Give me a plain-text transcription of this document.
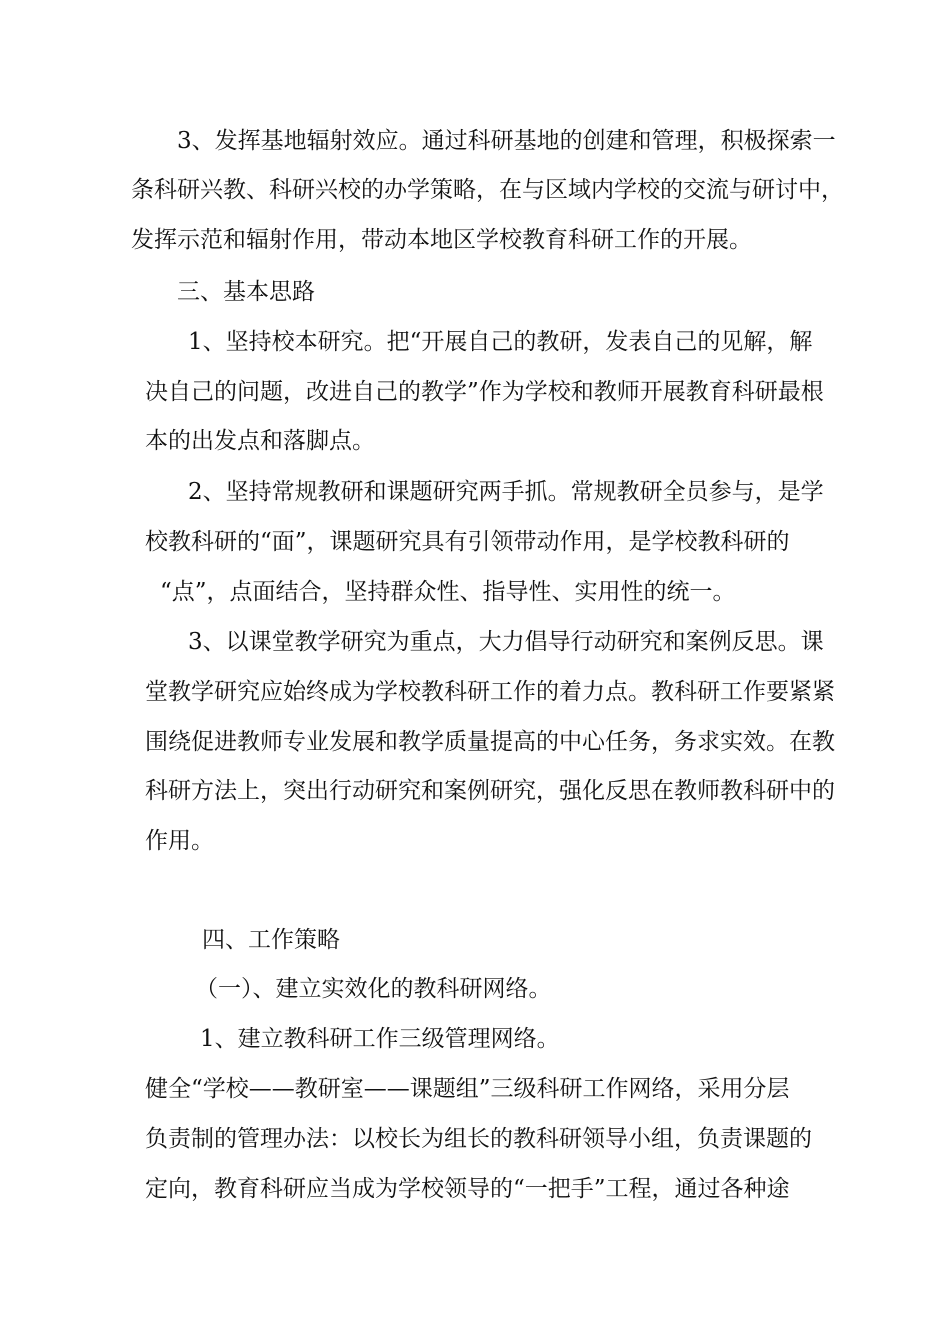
3、发挥基地辐射效应。通过科研基地的创建和管理，积极探索一

条科研兴教、科研兴校的办学策略，在与区域内学校的交流与研讨中，

发挥示范和辐射作用，带动本地区学校教育科研工作的开展。

三、基本思路

1、坚持校本研究。把“开展自己的教研，发表自己的见解，解

决自己的问题，改进自己的教学”作为学校和教师开展教育科研最根

本的出发点和落脚点。

2、坚持常规教研和课题研究两手抓。常规教研全员参与，是学

校教科研的“面”，课题研究具有引领带动作用，是学校教科研的

“点”，点面结合，坚持群众性、指导性、实用性的统一。

3、以课堂教学研究为重点，大力倡导行动研究和案例反思。课

堂教学研究应始终成为学校教科研工作的着力点。教科研工作要紧紧

围绕促进教师专业发展和教学质量提高的中心任务，务求实效。在教

科研方法上，突出行动研究和案例研究，强化反思在教师教科研中的

作用。

四、工作策略

（一）、建立实效化的教科研网络。

1、建立教科研工作三级管理网络。

健全“学校——教研室——课题组”三级科研工作网络，采用分层

负责制的管理办法：以校长为组长的教科研领导小组，负责课题的

定向，教育科研应当成为学校领导的“一把手”工程，通过各种途
